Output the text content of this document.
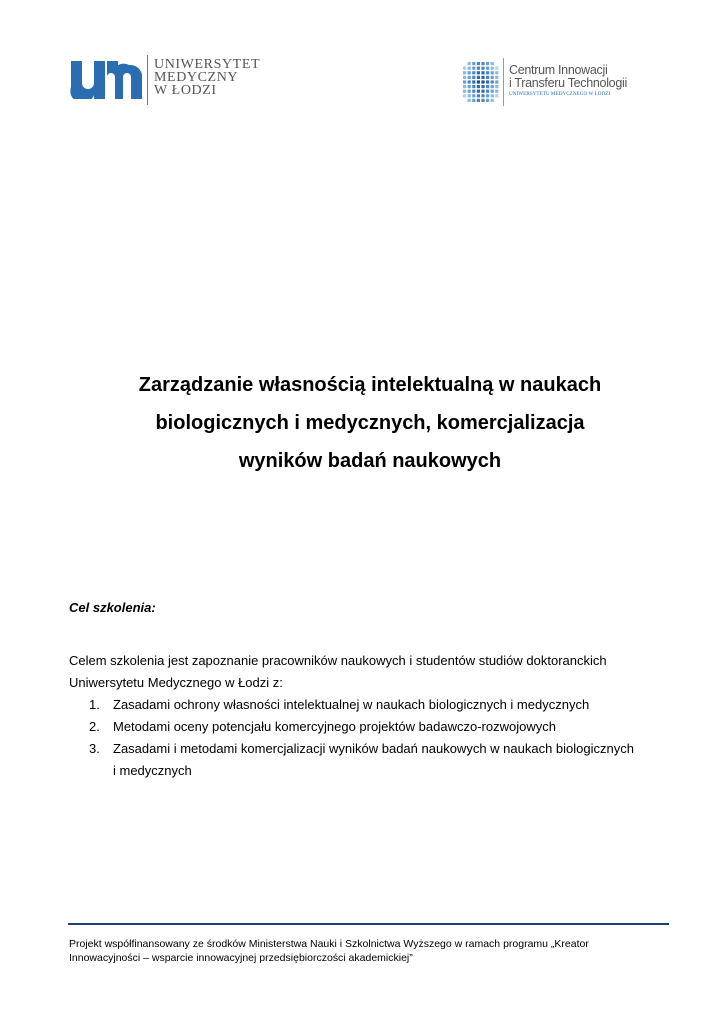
UNIWERSYTET
MEDYCZNY
W ŁODZI
Centrum Innowacji
i Transferu Technologii
UNIWERSYTETU MEDYCZNEGO W ŁODZI
Zarządzanie własnością intelektualną w naukach
biologicznych i medycznych, komercjalizacja
wyników badań naukowych
Cel szkolenia:

Celem szkolenia jest zapoznanie pracowników naukowych i studentów studiów doktoranckich

Uniwersytetu Medycznego w Łodzi z:

1. Zasadami ochrony własności intelektualnej w naukach biologicznych i medycznych
2. Metodami oceny potencjału komercyjnego projektów badawczo-rozwojowych
3. Zasadami i metodami komercjalizacji wyników badań naukowych w naukach biologicznych
i medycznych
Projekt współfinansowany ze środków Ministerstwa Nauki i Szkolnictwa Wyższego w ramach programu „Kreator
Innowacyjności – wsparcie innowacyjnej przedsiębiorczości akademickiej”
